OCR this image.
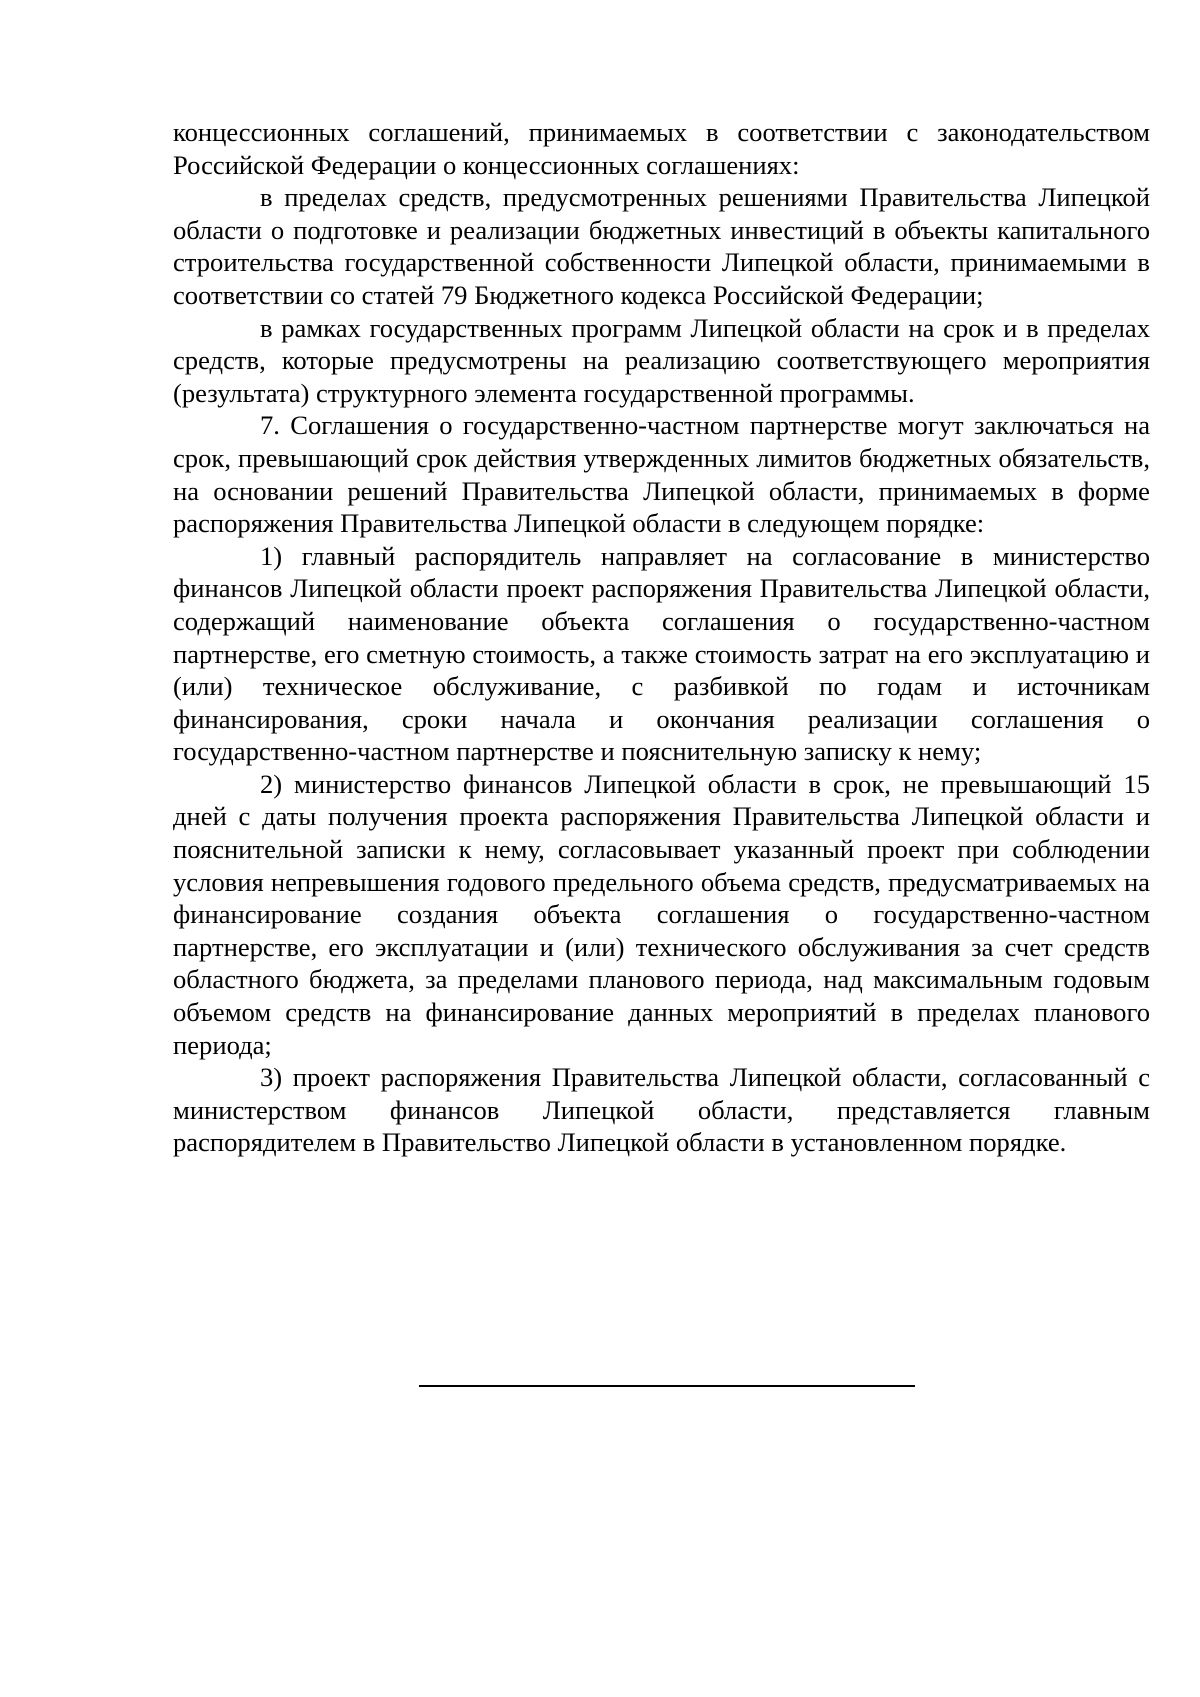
концессионных соглашений, принимаемых в соответствии с законодательством Российской Федерации о концессионных соглашениях:

в пределах средств, предусмотренных решениями Правительства Липецкой области о подготовке и реализации бюджетных инвестиций в объекты капитального строительства государственной собственности Липецкой области, принимаемыми в соответствии со статей 79 Бюджетного кодекса Российской Федерации;

в рамках государственных программ Липецкой области на срок и в пределах средств, которые предусмотрены на реализацию соответствующего мероприятия (результата) структурного элемента государственной программы.

7. Соглашения о государственно-частном партнерстве могут заключаться на срок, превышающий срок действия утвержденных лимитов бюджетных обязательств, на основании решений Правительства Липецкой области, принимаемых в форме распоряжения Правительства Липецкой области в следующем порядке:

1) главный распорядитель направляет на согласование в министерство финансов Липецкой области проект распоряжения Правительства Липецкой области, содержащий наименование объекта соглашения о государственно-частном партнерстве, его сметную стоимость, а также стоимость затрат на его эксплуатацию и (или) техническое обслуживание, с разбивкой по годам и источникам финансирования, сроки начала и окончания реализации соглашения о государственно-частном партнерстве и пояснительную записку к нему;

2) министерство финансов Липецкой области в срок, не превышающий 15 дней с даты получения проекта распоряжения Правительства Липецкой области и пояснительной записки к нему, согласовывает указанный проект при соблюдении условия непревышения годового предельного объема средств, предусматриваемых на финансирование создания объекта соглашения о государственно-частном партнерстве, его эксплуатации и (или) технического обслуживания за счет средств областного бюджета, за пределами планового периода, над максимальным годовым объемом средств на финансирование данных мероприятий в пределах планового периода;

3) проект распоряжения Правительства Липецкой области, согласованный с министерством финансов Липецкой области, представляется главным распорядителем в Правительство Липецкой области в установленном порядке.
